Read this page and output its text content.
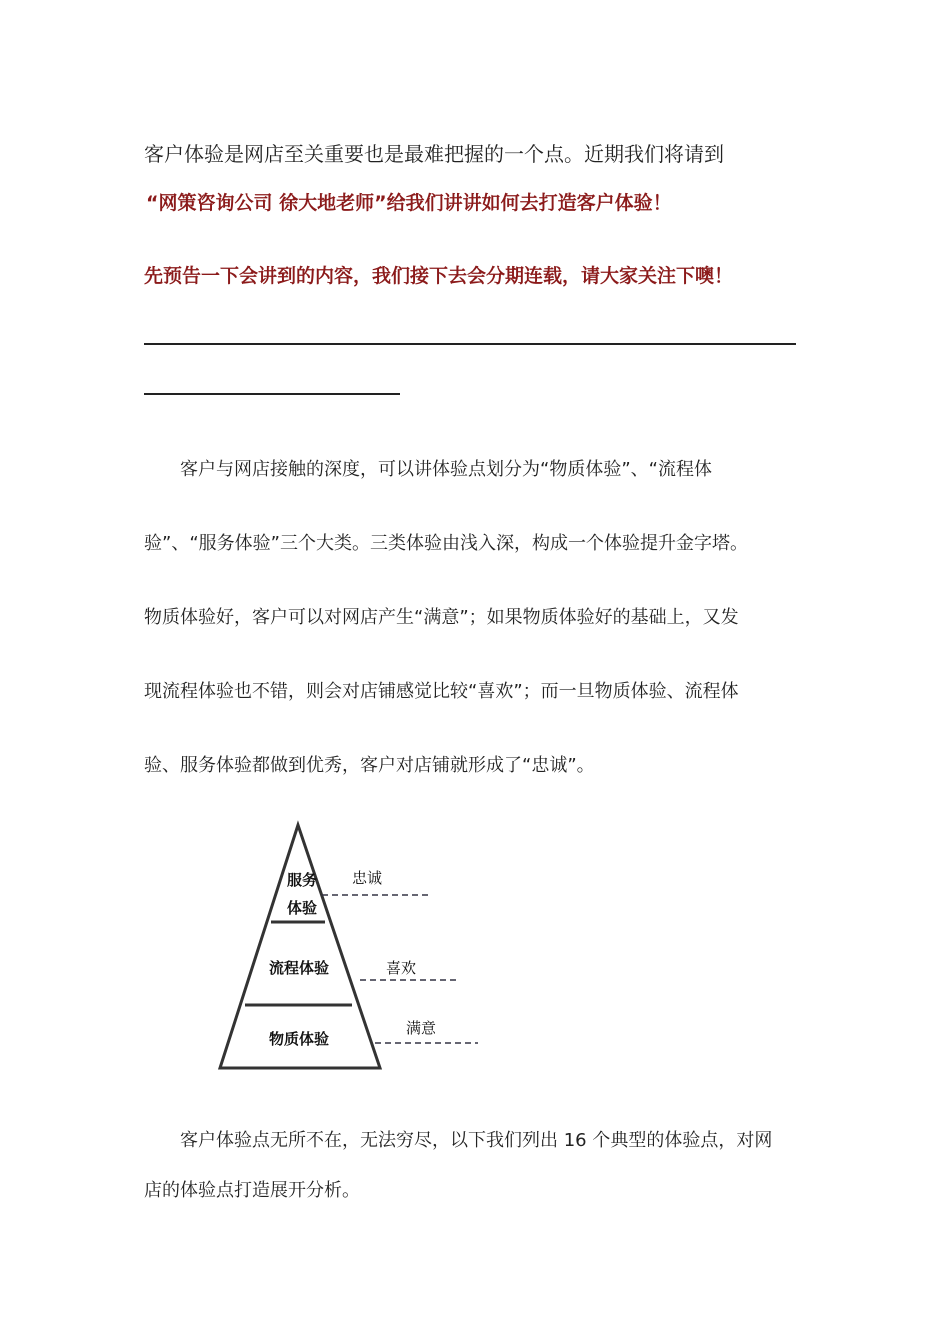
客户体验是网店至关重要也是最难把握的一个点。近期我们将请到
“网策咨询公司 徐大地老师”给我们讲讲如何去打造客户体验！
先预告一下会讲到的内容，我们接下去会分期连载，请大家关注下噢！
　　客户与网店接触的深度，可以讲体验点划分为“物质体验”、“流程体
验”、“服务体验”三个大类。三类体验由浅入深，构成一个体验提升金字塔。
物质体验好，客户可以对网店产生“满意”；如果物质体验好的基础上，又发
现流程体验也不错，则会对店铺感觉比较“喜欢”；而一旦物质体验、流程体
验、服务体验都做到优秀，客户对店铺就形成了“忠诚”。
服务
体验
流程体验
物质体验
忠诚
喜欢
满意
　　客户体验点无所不在，无法穷尽，以下我们列出 16 个典型的体验点，对网
店的体验点打造展开分析。
